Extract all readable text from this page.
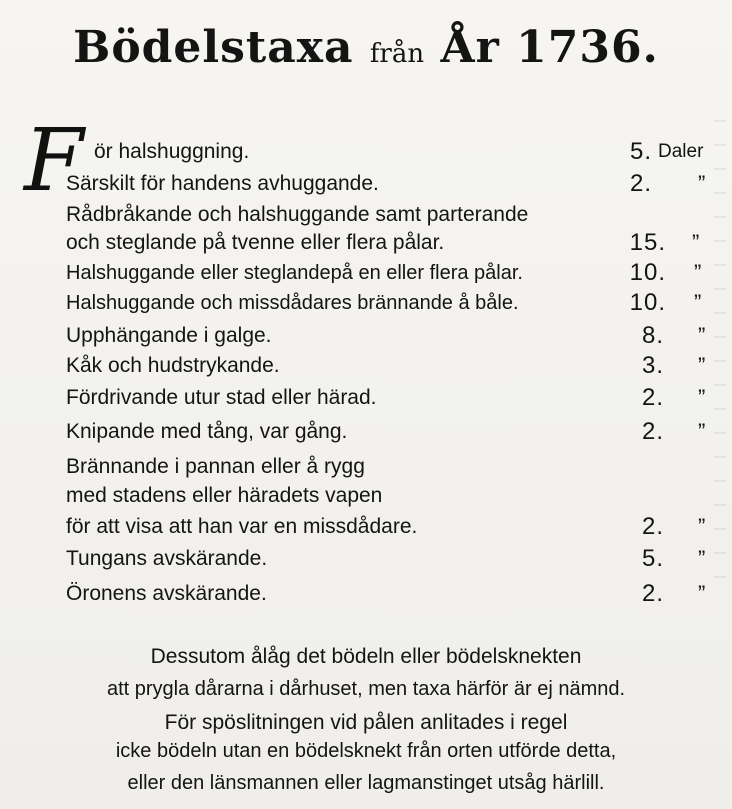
Bödelstaxa från År 1736.
F ör halshuggning.	5. Daler
Särskilt för handens avhuggande.	2. ”
Rådbråkande och halshuggande samt parterande
och steglande på tvenne eller flera pålar.	15. ”
Halshuggande eller steglandepå en eller flera pålar.	10. ”
Halshuggande och missdådares brännande å båle.	10. ”
Upphängande i galge.	8. ”
Kåk och hudstrykande.	3. ”
Fördrivande utur stad eller härad.	2. ”
Knipande med tång, var gång.	2. ”
Brännande i pannan eller å rygg
med stadens eller häradets vapen
för att visa att han var en missdådare.	2. ”
Tungans avskärande.	5. ”
Öronens avskärande.	2. ”
Dessutom ålåg det bödeln eller bödelsknekten
att prygla dårarna i dårhuset, men taxa härför är ej nämnd.
För spöslitningen vid pålen anlitades i regel
icke bödeln utan en bödelsknekt från orten utförde detta,
eller den länsmannen eller lagmanstinget utsåg härlill.
